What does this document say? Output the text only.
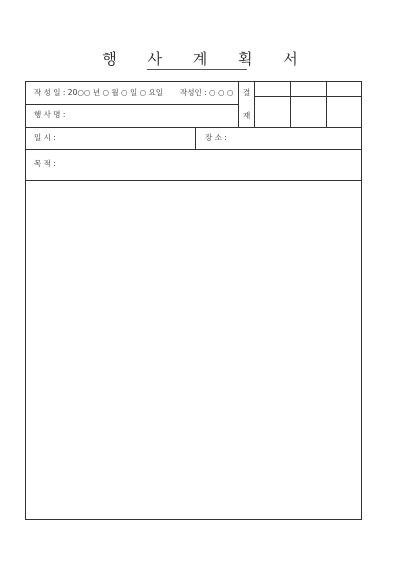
행 사 계 획 서
작 성 일 : 20○○ 년 ○ 월 ○ 일 ○ 요일 작성인 : ○ ○ ○ 결
재
행 사 명 :
일 시 :	장 소 :
목 적 :
